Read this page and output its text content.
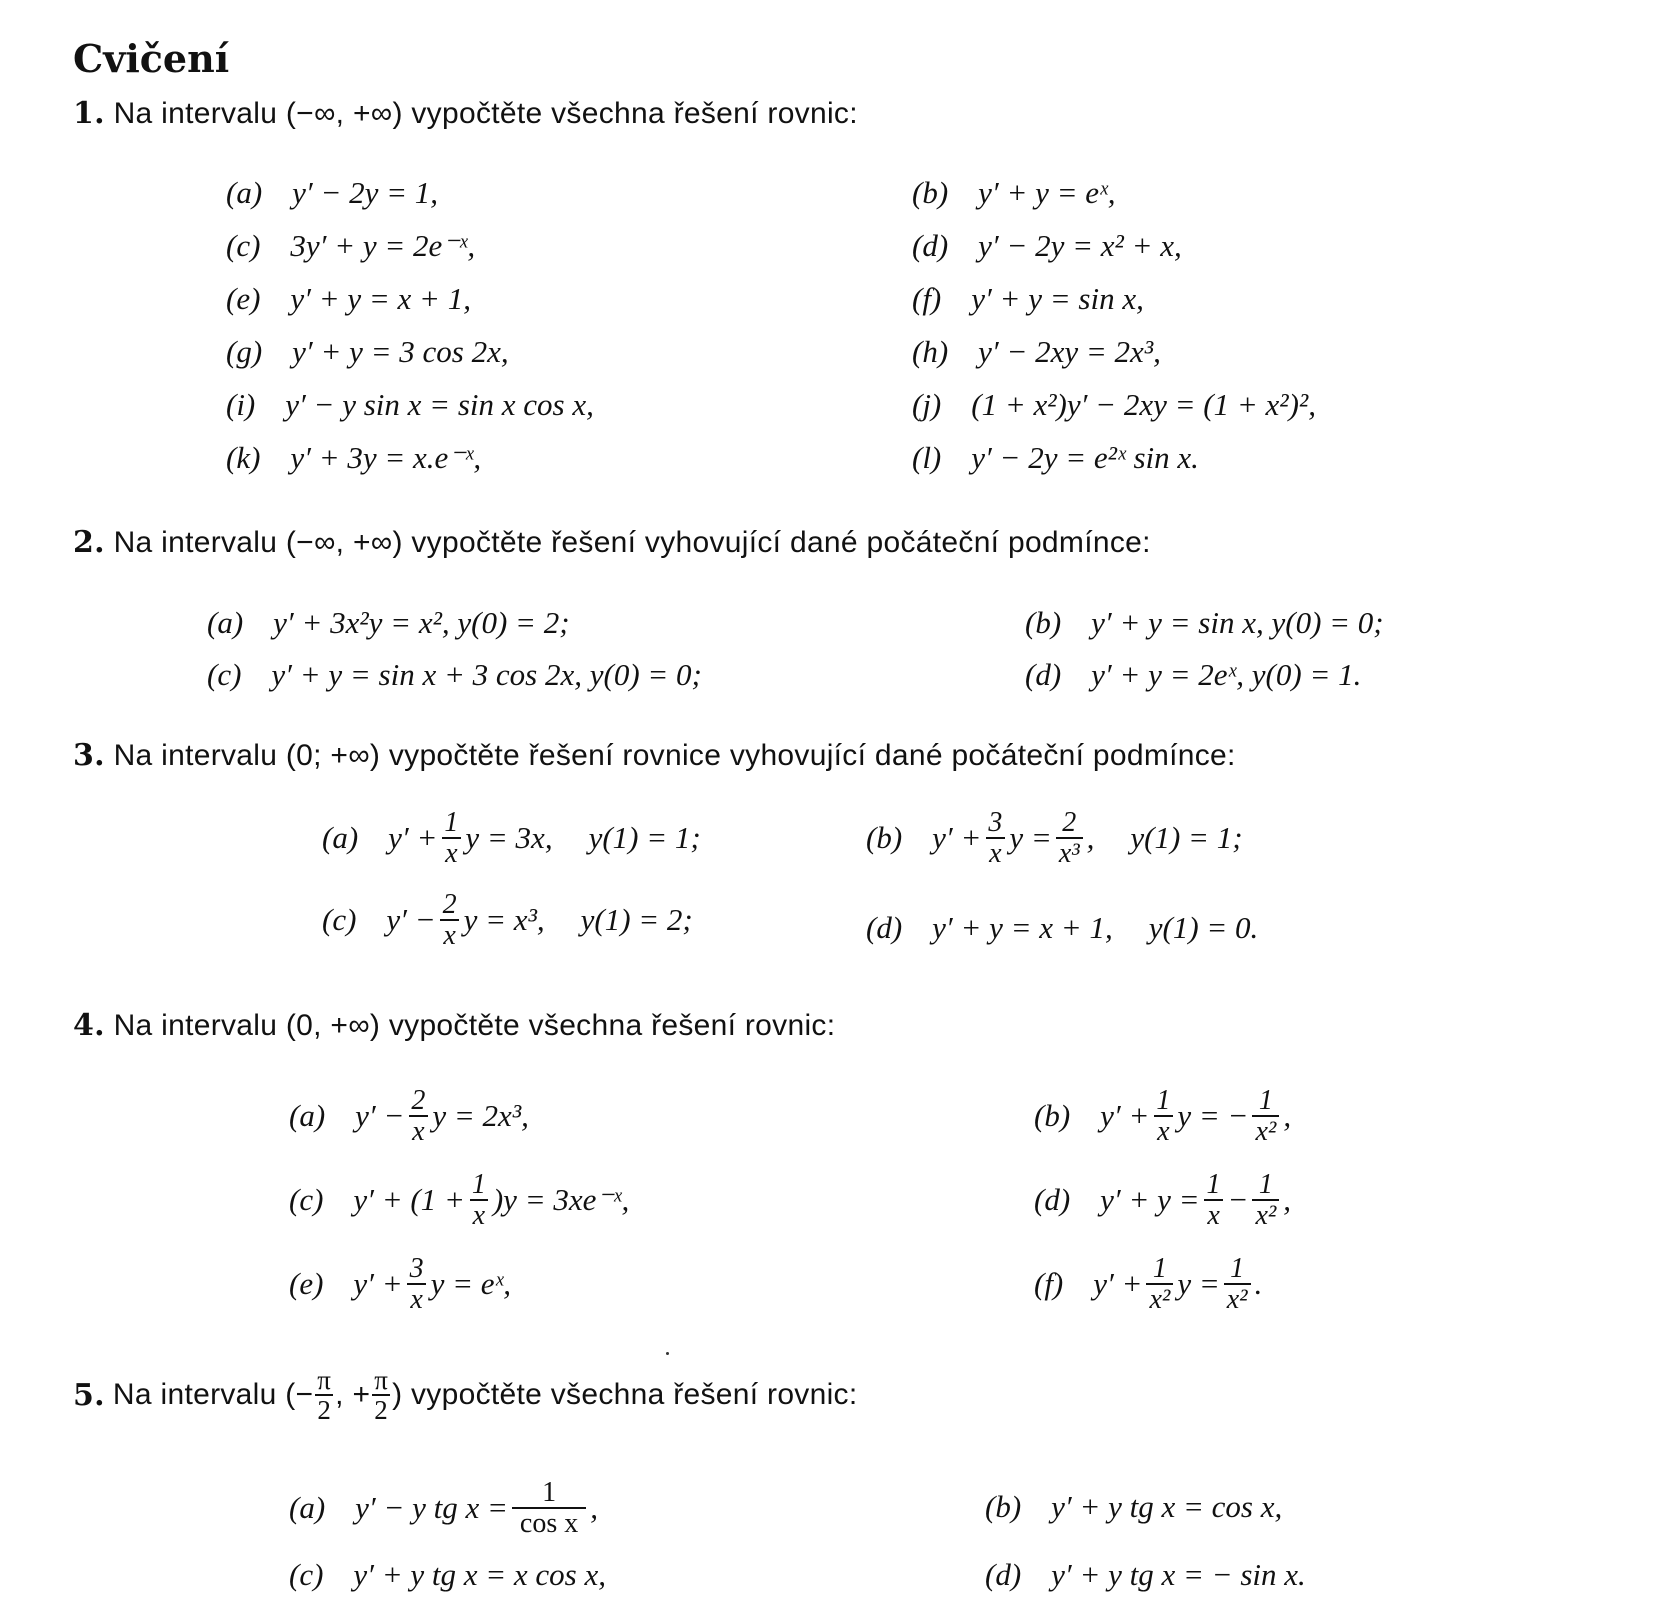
Cvičení
1. Na intervalu (−∞, +∞) vypočtěte všechna řešení rovnic:
(a) y′ − 2y = 1,	(b) y′ + y = eˣ,
(c) 3y′ + y = 2e⁻ˣ,	(d) y′ − 2y = x² + x,
(e) y′ + y = x + 1,	(f) y′ + y = sin x,
(g) y′ + y = 3 cos 2x,	(h) y′ − 2xy = 2x³,
(i) y′ − y sin x = sin x cos x,	(j) (1 + x²)y′ − 2xy = (1 + x²)²,
(k) y′ + 3y = x.e⁻ˣ,	(l) y′ − 2y = e²ˣ sin x.
2. Na intervalu (−∞, +∞) vypočtěte řešení vyhovující dané počáteční podmínce:
(a) y′ + 3x²y = x², y(0) = 2;	(b) y′ + y = sin x, y(0) = 0;
(c) y′ + y = sin x + 3 cos 2x, y(0) = 0;	(d) y′ + y = 2eˣ, y(0) = 1.
3. Na intervalu (0; +∞) vypočtěte řešení rovnice vyhovující dané počáteční podmínce:
(a) $y' + \frac{1}{x}$ y = 3x, y(1) = 1;	(b) $y' + \frac{3}{x}$ $y = \frac{2}{\text{x³}}$ , y(1) = 1;
(c) $y' - \frac{2}{x}$ y = x³, y(1) = 2;	(d) y′ + y = x + 1, y(1) = 0.
4. Na intervalu (0, +∞) vypočtěte všechna řešení rovnic:
(a) $y' - \frac{2}{x}$ y = 2x³,	(b) $y' + \frac{1}{x}$ y = − $\frac{1}{\text{x²}}$ ,
(c) $y' + (1 + \frac{1}{x} )y$ = 3xe⁻ˣ,	(d) $y' + y = \frac{1}{x} - \frac{1}{\text{x²}}$ ,
(e) $y' + \frac{3}{x}$ y = eˣ,	(f) $y' + \frac{1}{\text{x²}}$ $y = \frac{1}{\text{x²}}$ .
5. Na intervalu (− $\frac{\pi}{2}$ , + $\frac{\pi}{2}$ ) vypočtěte všechna řešení rovnic:
(a) y′ − y tg $x = \frac{1}{\text{cos x}}$ ,	(b) y′ + y tg x = cos x,
(c) y′ + y tg x = x cos x,	(d) y′ + y tg x = − sin x.
